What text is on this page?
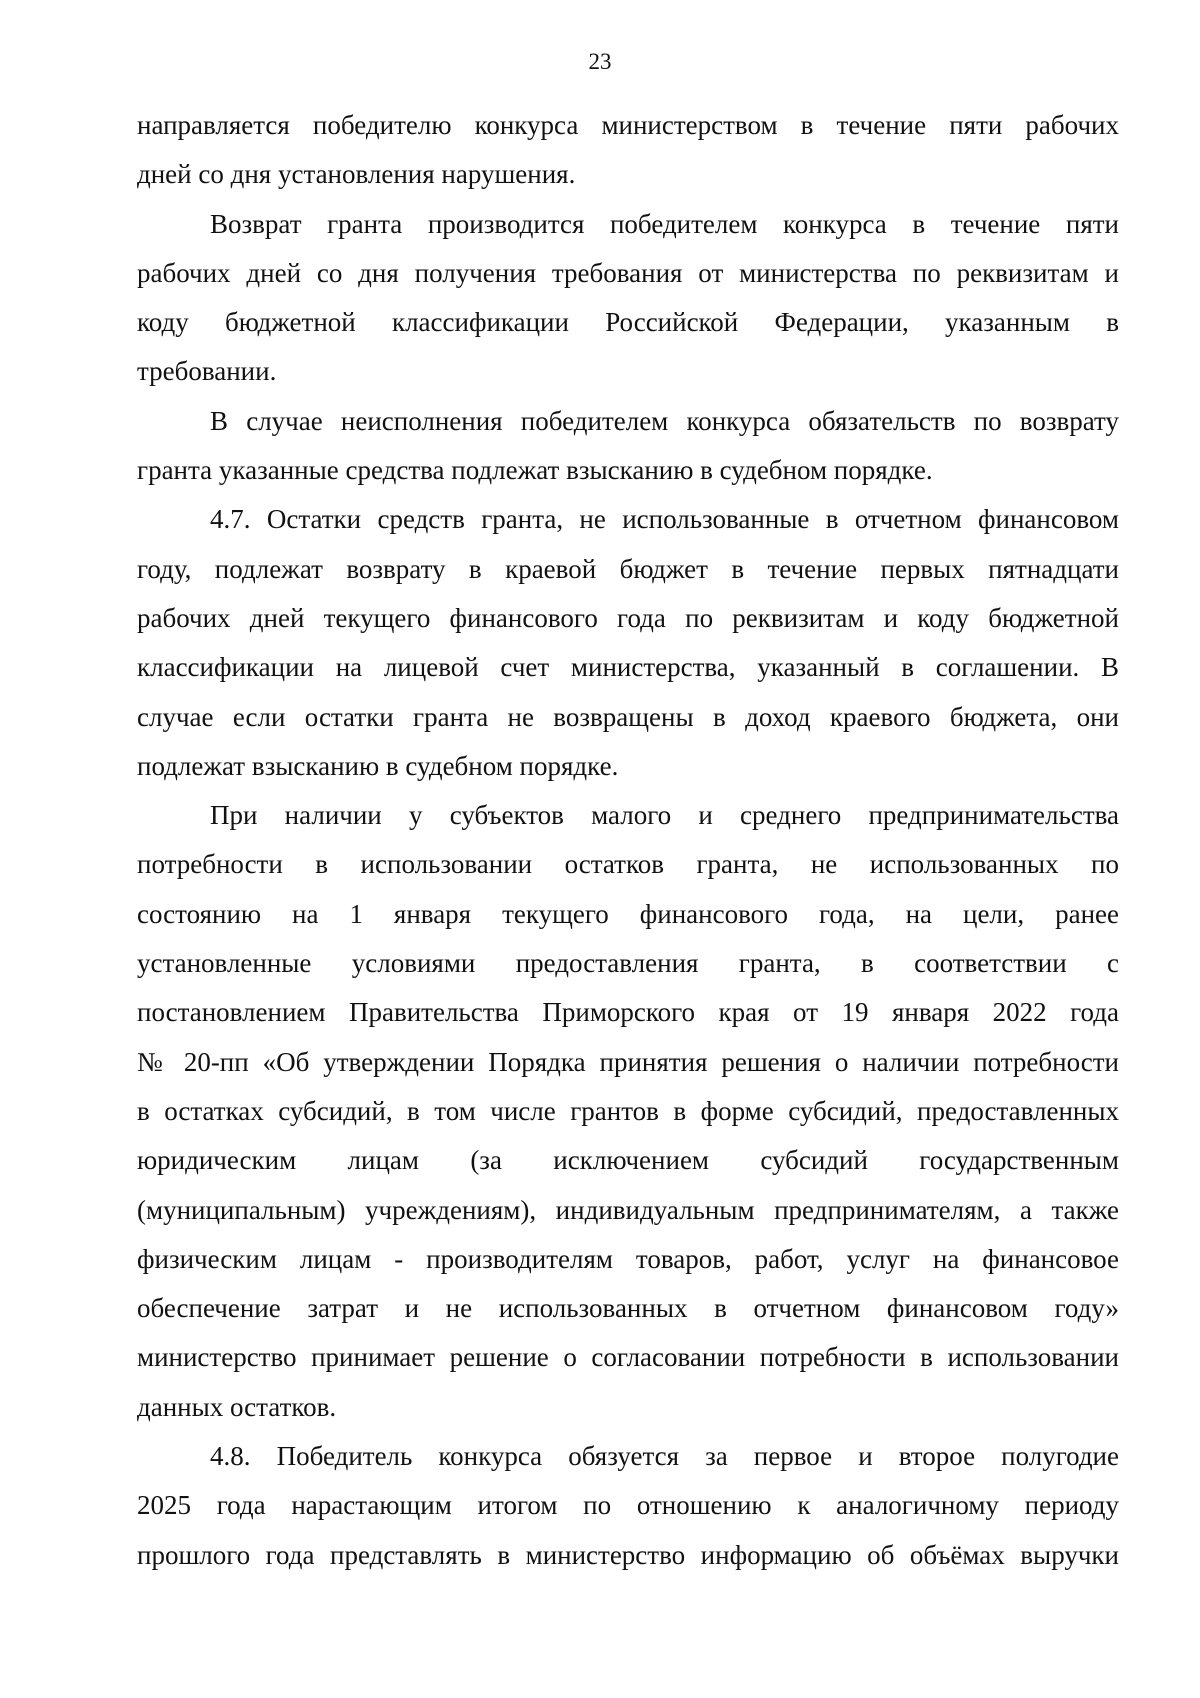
23
направляется победителю конкурса министерством в течение пяти рабочих
дней со дня установления нарушения.
Возврат гранта производится победителем конкурса в течение пяти
рабочих дней со дня получения требования от министерства по реквизитам и
коду бюджетной классификации Российской Федерации, указанным в
требовании.
В случае неисполнения победителем конкурса обязательств по возврату
гранта указанные средства подлежат взысканию в судебном порядке.
4.7. Остатки средств гранта, не использованные в отчетном финансовом
году, подлежат возврату в краевой бюджет в течение первых пятнадцати
рабочих дней текущего финансового года по реквизитам и коду бюджетной
классификации на лицевой счет министерства, указанный в соглашении. В
случае если остатки гранта не возвращены в доход краевого бюджета, они
подлежат взысканию в судебном порядке.
При наличии у субъектов малого и среднего предпринимательства
потребности в использовании остатков гранта, не использованных по
состоянию на 1 января текущего финансового года, на цели, ранее
установленные условиями предоставления гранта, в соответствии с
постановлением Правительства Приморского края от 19 января 2022 года
№ 20-пп «Об утверждении Порядка принятия решения о наличии потребности
в остатках субсидий, в том числе грантов в форме субсидий, предоставленных
юридическим лицам (за исключением субсидий государственным
(муниципальным) учреждениям), индивидуальным предпринимателям, а также
физическим лицам - производителям товаров, работ, услуг на финансовое
обеспечение затрат и не использованных в отчетном финансовом году»
министерство принимает решение о согласовании потребности в использовании
данных остатков.
4.8. Победитель конкурса обязуется за первое и второе полугодие
2025 года нарастающим итогом по отношению к аналогичному периоду
прошлого года представлять в министерство информацию об объёмах выручки
